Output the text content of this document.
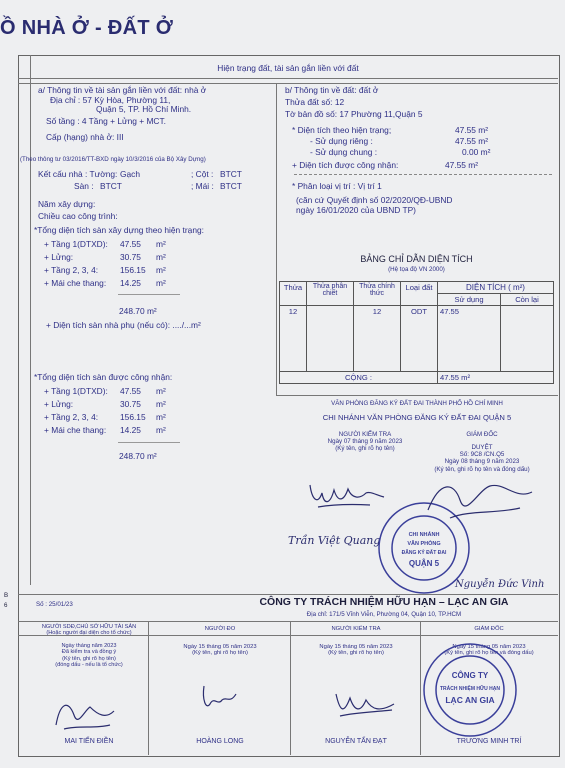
Ồ NHÀ Ở - ĐẤT Ở
Hiện trạng đất, tài sản gắn liền với đất
a/ Thông tin về tài sản gắn liền với đất: nhà ở
Địa chỉ : 57 Kỳ Hòa, Phường 11,
Quận 5, TP. Hồ Chí Minh.
Số tầng : 4 Tầng + Lửng + MCT.
Cấp (hạng) nhà ở: III
(Theo thông tư 03/2016/TT-BXD ngày 10/3/2016 của Bộ Xây Dựng)
Kết cấu nhà : Tường: Gạch	; Cột : BTCT
Sàn : BTCT	; Mái : BTCT
Năm xây dựng:
Chiều cao công trình:
*Tổng diện tích sàn xây dựng theo hiện trạng:
+ Tầng 1(DTXD): 47.55 m²
+ Lửng:	30.75 m²
+ Tầng 2, 3, 4:	156.15 m²
+ Mái che thang: 14.25 m²
248.70 m²
+ Diện tích sàn nhà phụ (nếu có): ..../...m²
*Tổng diện tích sàn được công nhận:
+ Tầng 1(DTXD): 47.55 m²
+ Lửng:	30.75 m²
+ Tầng 2, 3, 4:	156.15 m²
+ Mái che thang: 14.25 m²
248.70 m²
b/ Thông tin về đất: đất ở
Thửa đất số: 12
Tờ bản đồ số: 17 Phường 11,Quận 5
* Diện tích theo hiện trạng;	47.55 m²
- Sử dụng riêng :	47.55 m²
- Sử dụng chung :	0.00 m²
+ Diện tích được công nhận:	47.55 m²
* Phân loại vị trí : Vị trí 1
(căn cứ Quyết định số 02/2020/QĐ-UBND
ngày 16/01/2020 của UBND TP)
BẢNG CHỈ DẪN DIỆN TÍCH
(Hệ tọa độ VN 2000)
Thửa	Thửa phân chiết	Thửa chính thức	Loại đất	DIỆN TÍCH ( m²)	
				Sử dụng	Còn lại
12		12	ODT	47.55	
CỘNG :				47.55 m²	
VĂN PHÒNG ĐĂNG KÝ ĐẤT ĐAI THÀNH PHỐ HỒ CHÍ MINH
CHI NHÁNH VĂN PHÒNG ĐĂNG KÝ ĐẤT ĐAI QUẬN 5
NGƯỜI KIỂM TRA
Ngày 07 tháng 9 năm 2023
(Ký tên, ghi rõ họ tên)
GIÁM ĐỐC
DUYỆT
Số: 9C8 /CN.Q5
Ngày 08 tháng 9 năm 2023
(Ký tên, ghi rõ họ tên và đóng dấu)
Trần Việt Quang
Nguyễn Đức Vinh
CHI NHÁNH
VĂN PHÒNG
ĐĂNG KÝ ĐẤT ĐAI
QUẬN 5
Số : 25/01/23	CÔNG TY TRÁCH NHIỆM HỮU HẠN – LẠC AN GIA
Địa chỉ: 171/5 Vĩnh Viễn, Phường 04, Quận 10, TP.HCM
NGƯỜI SDĐ,CHỦ SỞ HỮU TÀI SẢN
(Hoặc người đại diện cho tổ chức)
Ngày tháng năm 2023
Đã kiểm tra và đồng ý
(Ký tên, ghi rõ họ tên)
(đóng dấu - nếu là tổ chức)
NGƯỜI ĐO
Ngày 15 tháng 05 năm 2023
(Ký tên, ghi rõ họ tên)
NGƯỜI KIỂM TRA
Ngày 15 tháng 05 năm 2023
(Ký tên, ghi rõ họ tên)
GIÁM ĐỐC
Ngày 15 tháng 05 năm 2023
(Ký tên, ghi rõ họ tên và đóng dấu)
CÔNG TY
TRÁCH NHIỆM HỮU HẠN
LẠC AN GIA
MAI TIẾN ĐIỀN	HOÀNG LONG	NGUYỄN TẤN ĐẠT	TRƯƠNG MINH TRÍ
B
6
